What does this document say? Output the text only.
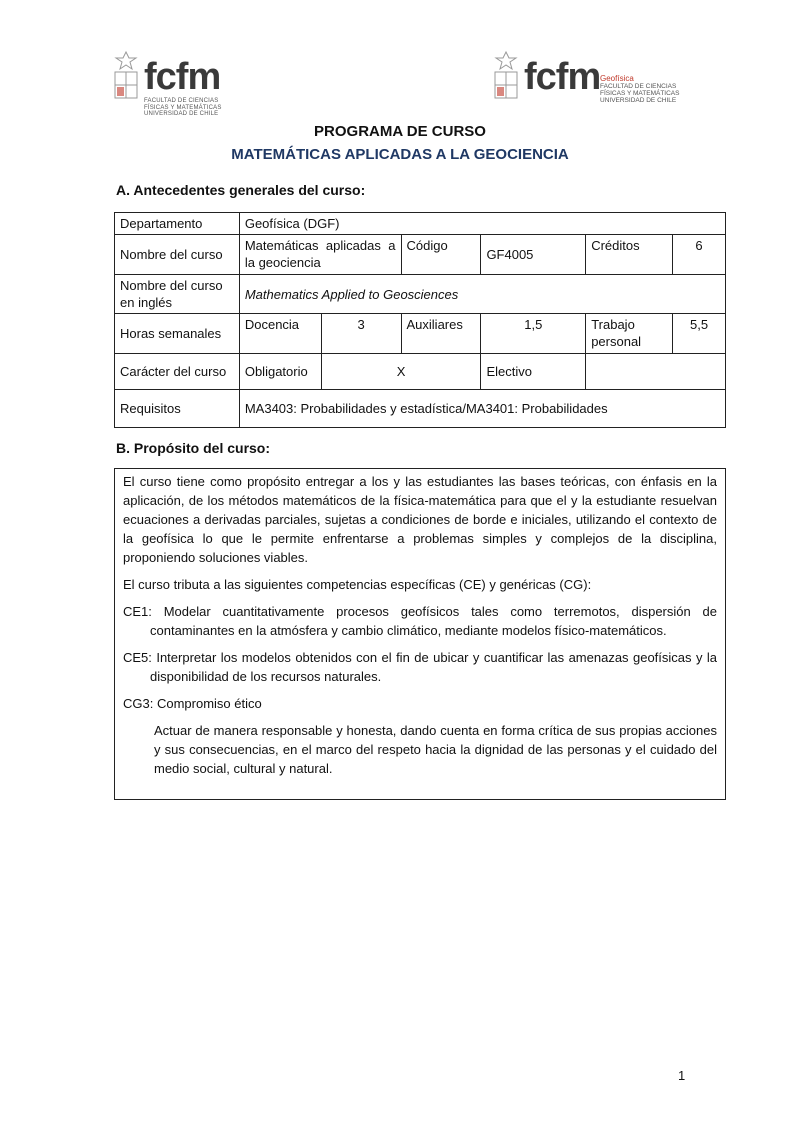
fcfm
FACULTAD DE CIENCIAS FÍSICAS Y MATEMÁTICAS UNIVERSIDAD DE CHILE
fcfm Geofísica
FACULTAD DE CIENCIAS FÍSICAS Y MATEMÁTICAS UNIVERSIDAD DE CHILE
PROGRAMA DE CURSO
MATEMÁTICAS APLICADAS A LA GEOCIENCIA
A. Antecedentes generales del curso:
Departamento	Geofísica (DGF)					
Nombre del curso	Matemáticas aplicadas a la geociencia		Código	GF4005	Créditos	6
Nombre del curso en inglés	Mathematics Applied to Geosciences					
Horas semanales	Docencia	3	Auxiliares	1,5	Trabajo personal	5,5
Carácter del curso	Obligatorio	X		Electivo		
Requisitos	MA3403: Probabilidades y estadística/MA3401: Probabilidades					
B. Propósito del curso:

El curso tiene como propósito entregar a los y las estudiantes las bases teóricas, con énfasis en la aplicación, de los métodos matemáticos de la física-matemática para que el y la estudiante resuelvan ecuaciones a derivadas parciales, sujetas a condiciones de borde e iniciales, utilizando el contexto de la geofísica lo que le permite enfrentarse a problemas simples y complejos de la disciplina, proponiendo soluciones viables.

El curso tributa a las siguientes competencias específicas (CE) y genéricas (CG):

CE1: Modelar cuantitativamente procesos geofísicos tales como terremotos, dispersión de contaminantes en la atmósfera y cambio climático, mediante modelos físico-matemáticos.

CE5: Interpretar los modelos obtenidos con el fin de ubicar y cuantificar las amenazas geofísicas y la disponibilidad de los recursos naturales.

CG3: Compromiso ético

Actuar de manera responsable y honesta, dando cuenta en forma crítica de sus propias acciones y sus consecuencias, en el marco del respeto hacia la dignidad de las personas y el cuidado del medio social, cultural y natural.

1
